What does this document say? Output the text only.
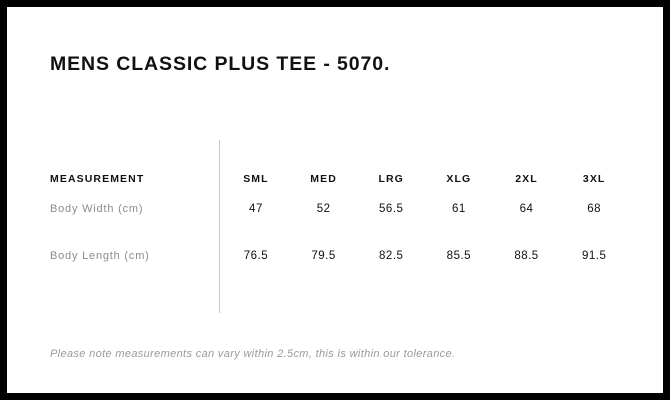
MENS CLASSIC PLUS TEE - 5070.
MEASUREMENT	SML	MED	LRG	XLG	2XL	3XL
Body Width (cm)	47	52	56.5	61	64	68
Body Length (cm)	76.5	79.5	82.5	85.5	88.5	91.5
Please note measurements can vary within 2.5cm, this is within our tolerance.
